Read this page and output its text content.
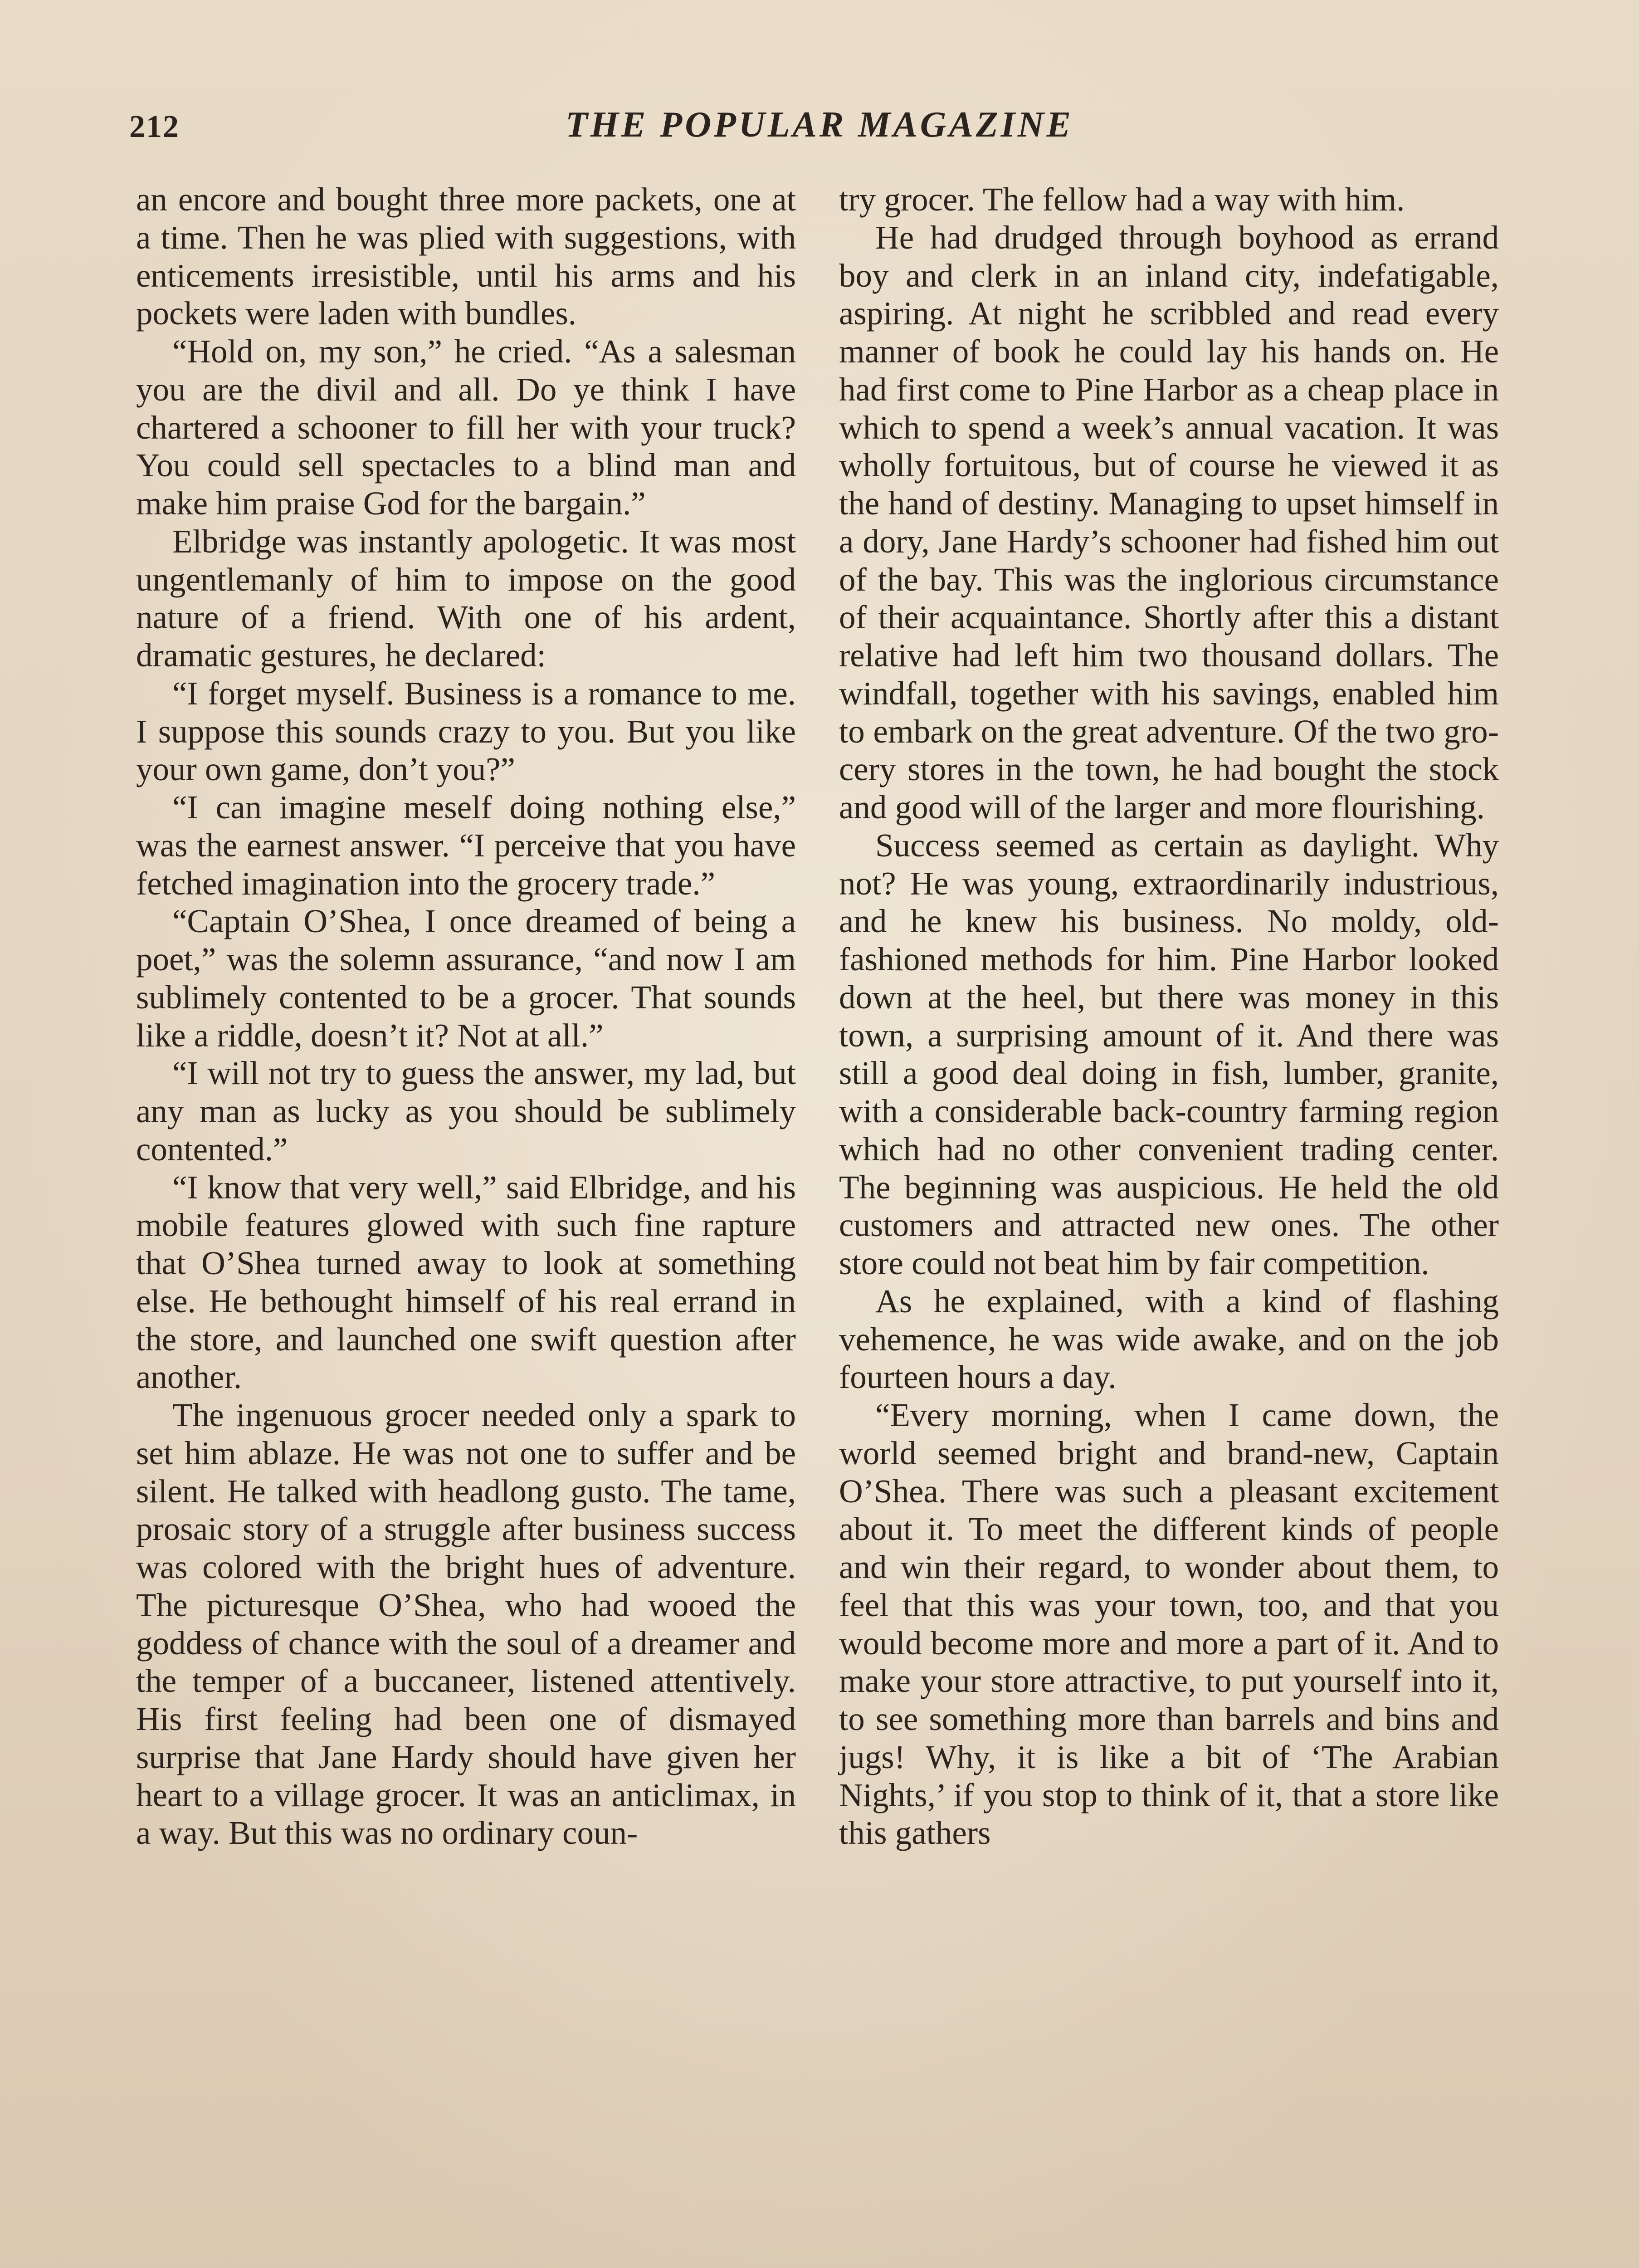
212	THE POPULAR MAGAZINE

an encore and bought three more packets, one at a time. Then he was plied with suggestions, with enticements irresistible, until his arms and his pockets were laden with bundles.

“Hold on, my son,” he cried. “As a salesman you are the divil and all. Do ye think I have chartered a schooner to fill her with your truck? You could sell spectacles to a blind man and make him praise God for the bargain.”

Elbridge was instantly apologetic. It was most ungentlemanly of him to impose on the good nature of a friend. With one of his ardent, dramatic gestures, he declared:

“I forget myself. Business is a romance to me. I suppose this sounds crazy to you. But you like your own game, don’t you?”

“I can imagine meself doing nothing else,” was the earnest answer. “I perceive that you have fetched imagination into the grocery trade.”

“Captain O’Shea, I once dreamed of being a poet,” was the solemn assurance, “and now I am sublimely contented to be a grocer. That sounds like a riddle, doesn’t it? Not at all.”

“I will not try to guess the answer, my lad, but any man as lucky as you should be sublimely contented.”

“I know that very well,” said Elbridge, and his mobile features glowed with such fine rapture that O’Shea turned away to look at something else. He bethought himself of his real errand in the store, and launched one swift question after another.

The ingenuous grocer needed only a spark to set him ablaze. He was not one to suffer and be silent. He talked with headlong gusto. The tame, prosaic story of a struggle after business success was colored with the bright hues of adventure. The picturesque O’Shea, who had wooed the goddess of chance with the soul of a dreamer and the temper of a buccaneer, listened attentively. His first feeling had been one of dismayed surprise that Jane Hardy should have given her heart to a village grocer. It was an anticlimax, in a way. But this was no ordinary coun-

try grocer. The fellow had a way with him.

He had drudged through boyhood as errand boy and clerk in an inland city, indefatigable, aspiring. At night he scribbled and read every manner of book he could lay his hands on. He had first come to Pine Harbor as a cheap place in which to spend a week’s annual vacation. It was wholly fortuitous, but of course he viewed it as the hand of destiny. Managing to upset himself in a dory, Jane Hardy’s schooner had fished him out of the bay. This was the inglorious circumstance of their acquaintance. Shortly after this a distant relative had left him two thousand dollars. The windfall, together with his savings, enabled him to embark on the great adventure. Of the two grocery stores in the town, he had bought the stock and good will of the larger and more flourishing.

Success seemed as certain as daylight. Why not? He was young, extraordinarily industrious, and he knew his business. No moldy, old-fashioned methods for him. Pine Harbor looked down at the heel, but there was money in this town, a surprising amount of it. And there was still a good deal doing in fish, lumber, granite, with a considerable back-country farming region which had no other convenient trading center. The beginning was auspicious. He held the old customers and attracted new ones. The other store could not beat him by fair competition.

As he explained, with a kind of flashing vehemence, he was wide awake, and on the job fourteen hours a day.

“Every morning, when I came down, the world seemed bright and brand-new, Captain O’Shea. There was such a pleasant excitement about it. To meet the different kinds of people and win their regard, to wonder about them, to feel that this was your town, too, and that you would become more and more a part of it. And to make your store attractive, to put yourself into it, to see something more than barrels and bins and jugs! Why, it is like a bit of ‘The Arabian Nights,’ if you stop to think of it, that a store like this gathers
